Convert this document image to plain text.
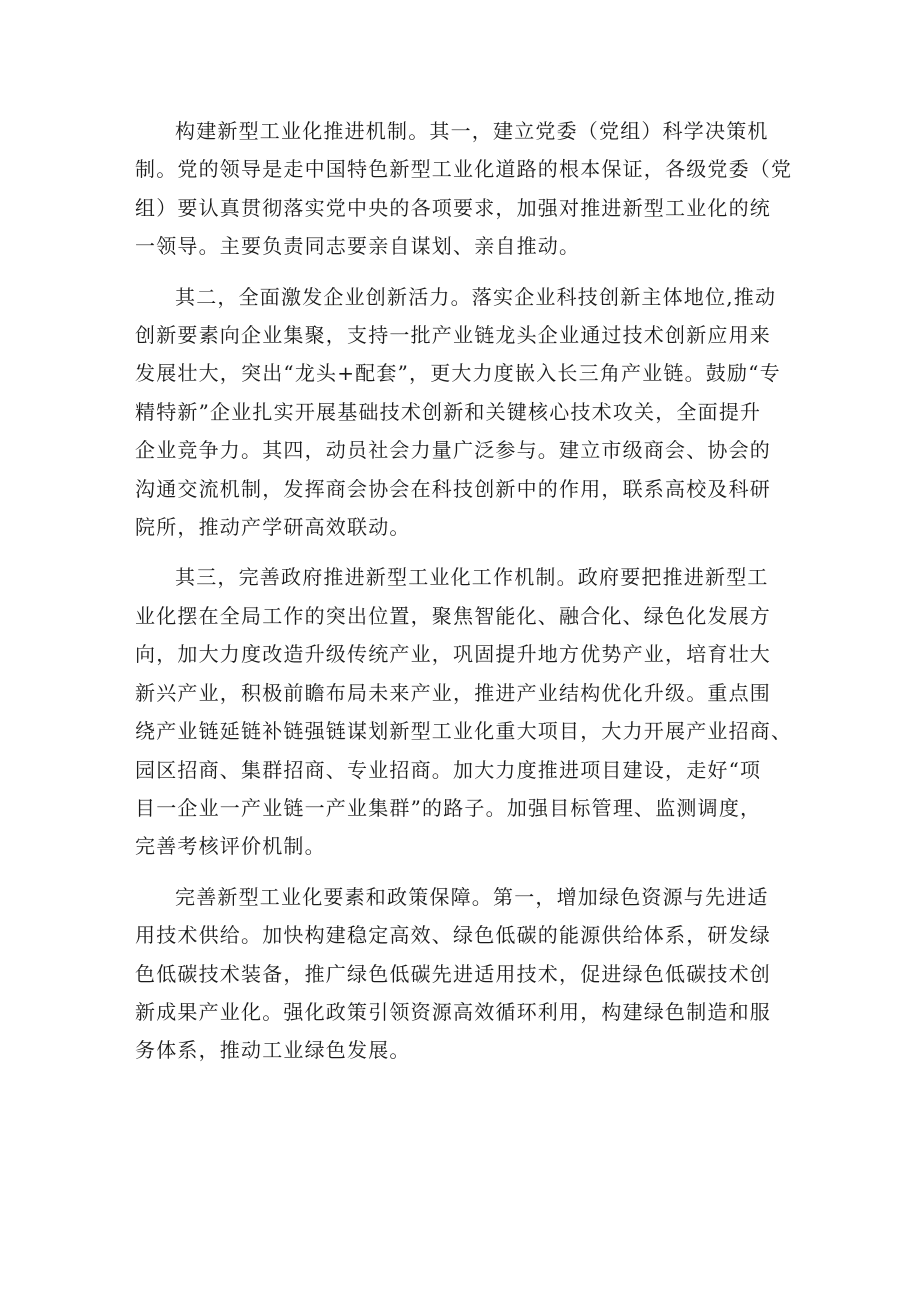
构建新型工业化推进机制。其一，建立党委（党组）科学决策机
制。党的领导是走中国特色新型工业化道路的根本保证，各级党委（党
组）要认真贯彻落实党中央的各项要求，加强对推进新型工业化的统
一领导。主要负责同志要亲自谋划、亲自推动。

其二，全面激发企业创新活力。落实企业科技创新主体地位,推动
创新要素向企业集聚，支持一批产业链龙头企业通过技术创新应用来
发展壮大，突出“龙头+配套”，更大力度嵌入长三角产业链。鼓励“专
精特新”企业扎实开展基础技术创新和关键核心技术攻关，全面提升
企业竞争力。其四，动员社会力量广泛参与。建立市级商会、协会的
沟通交流机制，发挥商会协会在科技创新中的作用，联系高校及科研
院所，推动产学研高效联动。

其三，完善政府推进新型工业化工作机制。政府要把推进新型工
业化摆在全局工作的突出位置，聚焦智能化、融合化、绿色化发展方
向，加大力度改造升级传统产业，巩固提升地方优势产业，培育壮大
新兴产业，积极前瞻布局未来产业，推进产业结构优化升级。重点围
绕产业链延链补链强链谋划新型工业化重大项目，大力开展产业招商、
园区招商、集群招商、专业招商。加大力度推进项目建设，走好“项
目一企业一产业链一产业集群”的路子。加强目标管理、监测调度，
完善考核评价机制。

完善新型工业化要素和政策保障。第一，增加绿色资源与先进适
用技术供给。加快构建稳定高效、绿色低碳的能源供给体系，研发绿
色低碳技术装备，推广绿色低碳先进适用技术，促进绿色低碳技术创
新成果产业化。强化政策引领资源高效循环利用，构建绿色制造和服
务体系，推动工业绿色发展。
